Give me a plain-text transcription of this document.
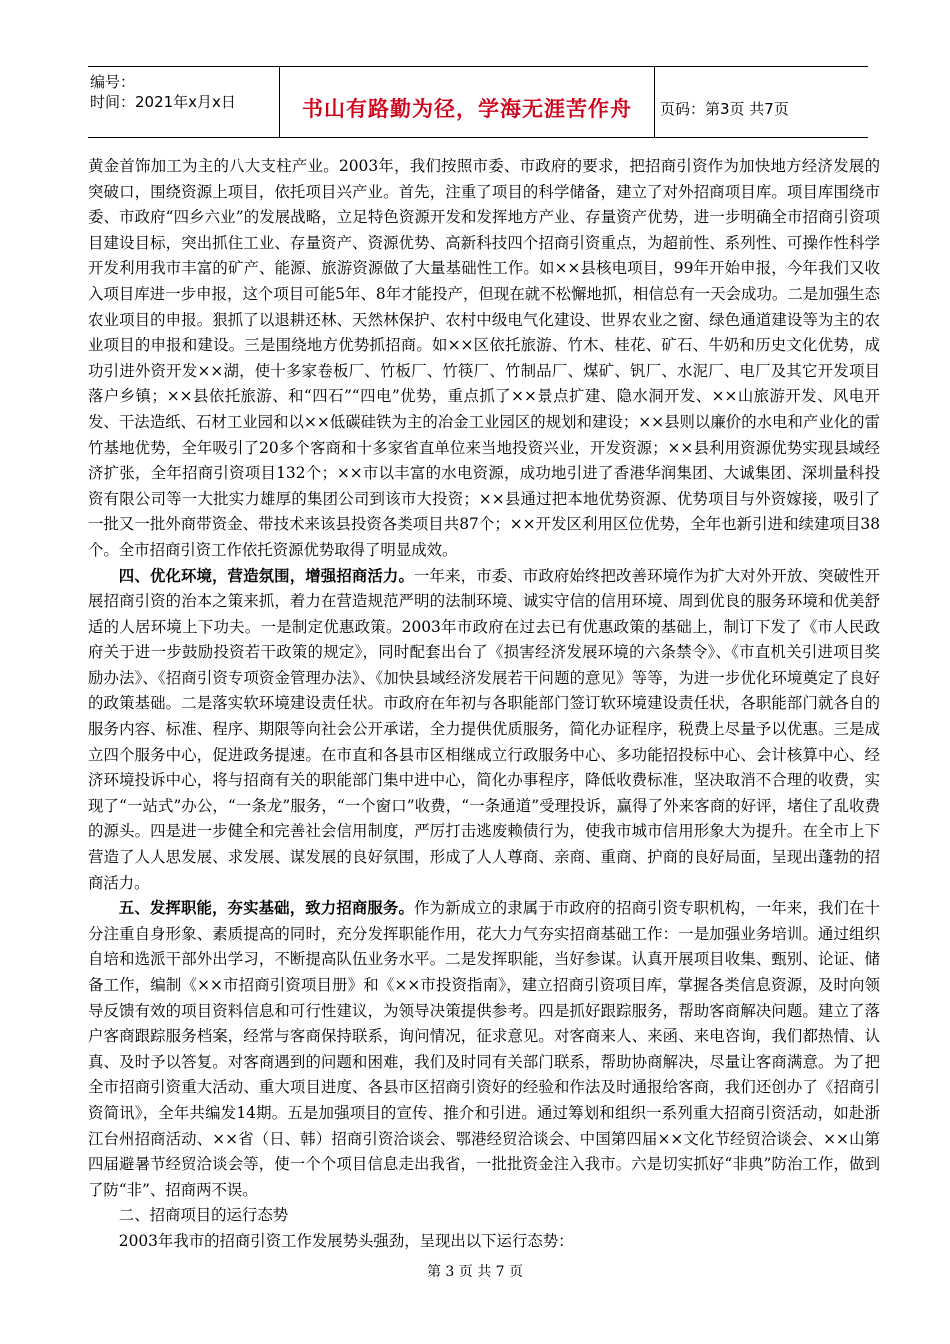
编号：
时间：2021年x月x日	书山有路勤为径，学海无涯苦作舟	页码：第3页 共7页

黄金首饰加工为主的八大支柱产业。2003年，我们按照市委、市政府的要求，把招商引资作为加快地方经济发展的突破口，围绕资源上项目，依托项目兴产业。首先，注重了项目的科学储备，建立了对外招商项目库。项目库围绕市委、市政府“四乡六业”的发展战略，立足特色资源开发和发挥地方产业、存量资产优势，进一步明确全市招商引资项目建设目标，突出抓住工业、存量资产、资源优势、高新科技四个招商引资重点，为超前性、系列性、可操作性科学开发利用我市丰富的矿产、能源、旅游资源做了大量基础性工作。如××县核电项目，99年开始申报，今年我们又收入项目库进一步申报，这个项目可能5年、8年才能投产，但现在就不松懈地抓，相信总有一天会成功。二是加强生态农业项目的申报。狠抓了以退耕还林、天然林保护、农村中级电气化建设、世界农业之窗、绿色通道建设等为主的农业项目的申报和建设。三是围绕地方优势抓招商。如××区依托旅游、竹木、桂花、矿石、牛奶和历史文化优势，成功引进外资开发××湖，使十多家卷板厂、竹板厂、竹筷厂、竹制品厂、煤矿、钒厂、水泥厂、电厂及其它开发项目落户乡镇；××县依托旅游、和“四石”“四电”优势，重点抓了××景点扩建、隐水洞开发、××山旅游开发、风电开发、干法造纸、石材工业园和以××低碳硅铁为主的冶金工业园区的规划和建设；××县则以廉价的水电和产业化的雷竹基地优势，全年吸引了20多个客商和十多家省直单位来当地投资兴业，开发资源；××县利用资源优势实现县域经济扩张，全年招商引资项目132个；××市以丰富的水电资源，成功地引进了香港华润集团、大诚集团、深圳量科投资有限公司等一大批实力雄厚的集团公司到该市大投资；××县通过把本地优势资源、优势项目与外资嫁接，吸引了一批又一批外商带资金、带技术来该县投资各类项目共87个；××开发区利用区位优势，全年也新引进和续建项目38个。全市招商引资工作依托资源优势取得了明显成效。

四、优化环境，营造氛围，增强招商活力。一年来，市委、市政府始终把改善环境作为扩大对外开放、突破性开展招商引资的治本之策来抓，着力在营造规范严明的法制环境、诚实守信的信用环境、周到优良的服务环境和优美舒适的人居环境上下功夫。一是制定优惠政策。2003年市政府在过去已有优惠政策的基础上，制订下发了《市人民政府关于进一步鼓励投资若干政策的规定》，同时配套出台了《损害经济发展环境的六条禁令》、《市直机关引进项目奖励办法》、《招商引资专项资金管理办法》、《加快县域经济发展若干问题的意见》等等，为进一步优化环境奠定了良好的政策基础。二是落实软环境建设责任状。市政府在年初与各职能部门签订软环境建设责任状，各职能部门就各自的服务内容、标准、程序、期限等向社会公开承诺，全力提供优质服务，简化办证程序，税费上尽量予以优惠。三是成立四个服务中心，促进政务提速。在市直和各县市区相继成立行政服务中心、多功能招投标中心、会计核算中心、经济环境投诉中心，将与招商有关的职能部门集中进中心，简化办事程序，降低收费标准，坚决取消不合理的收费，实现了“一站式”办公，“一条龙”服务，“一个窗口”收费，“一条通道”受理投诉，赢得了外来客商的好评，堵住了乱收费的源头。四是进一步健全和完善社会信用制度，严厉打击逃废赖债行为，使我市城市信用形象大为提升。在全市上下营造了人人思发展、求发展、谋发展的良好氛围，形成了人人尊商、亲商、重商、护商的良好局面，呈现出蓬勃的招商活力。

五、发挥职能，夯实基础，致力招商服务。作为新成立的隶属于市政府的招商引资专职机构，一年来，我们在十分注重自身形象、素质提高的同时，充分发挥职能作用，花大力气夯实招商基础工作：一是加强业务培训。通过组织自培和选派干部外出学习，不断提高队伍业务水平。二是发挥职能，当好参谋。认真开展项目收集、甄别、论证、储备工作，编制《××市招商引资项目册》和《××市投资指南》，建立招商引资项目库，掌握各类信息资源，及时向领导反馈有效的项目资料信息和可行性建议，为领导决策提供参考。四是抓好跟踪服务，帮助客商解决问题。建立了落户客商跟踪服务档案，经常与客商保持联系，询问情况，征求意见。对客商来人、来函、来电咨询，我们都热情、认真、及时予以答复。对客商遇到的问题和困难，我们及时同有关部门联系，帮助协商解决，尽量让客商满意。为了把全市招商引资重大活动、重大项目进度、各县市区招商引资好的经验和作法及时通报给客商，我们还创办了《招商引资简讯》，全年共编发14期。五是加强项目的宣传、推介和引进。通过筹划和组织一系列重大招商引资活动，如赴浙江台州招商活动、××省（日、韩）招商引资洽谈会、鄂港经贸洽谈会、中国第四届××文化节经贸洽谈会、××山第四届避暑节经贸洽谈会等，使一个个项目信息走出我省，一批批资金注入我市。六是切实抓好“非典”防治工作，做到了防“非”、招商两不误。

二、招商项目的运行态势

2003年我市的招商引资工作发展势头强劲，呈现出以下运行态势：

第 3 页 共 7 页
